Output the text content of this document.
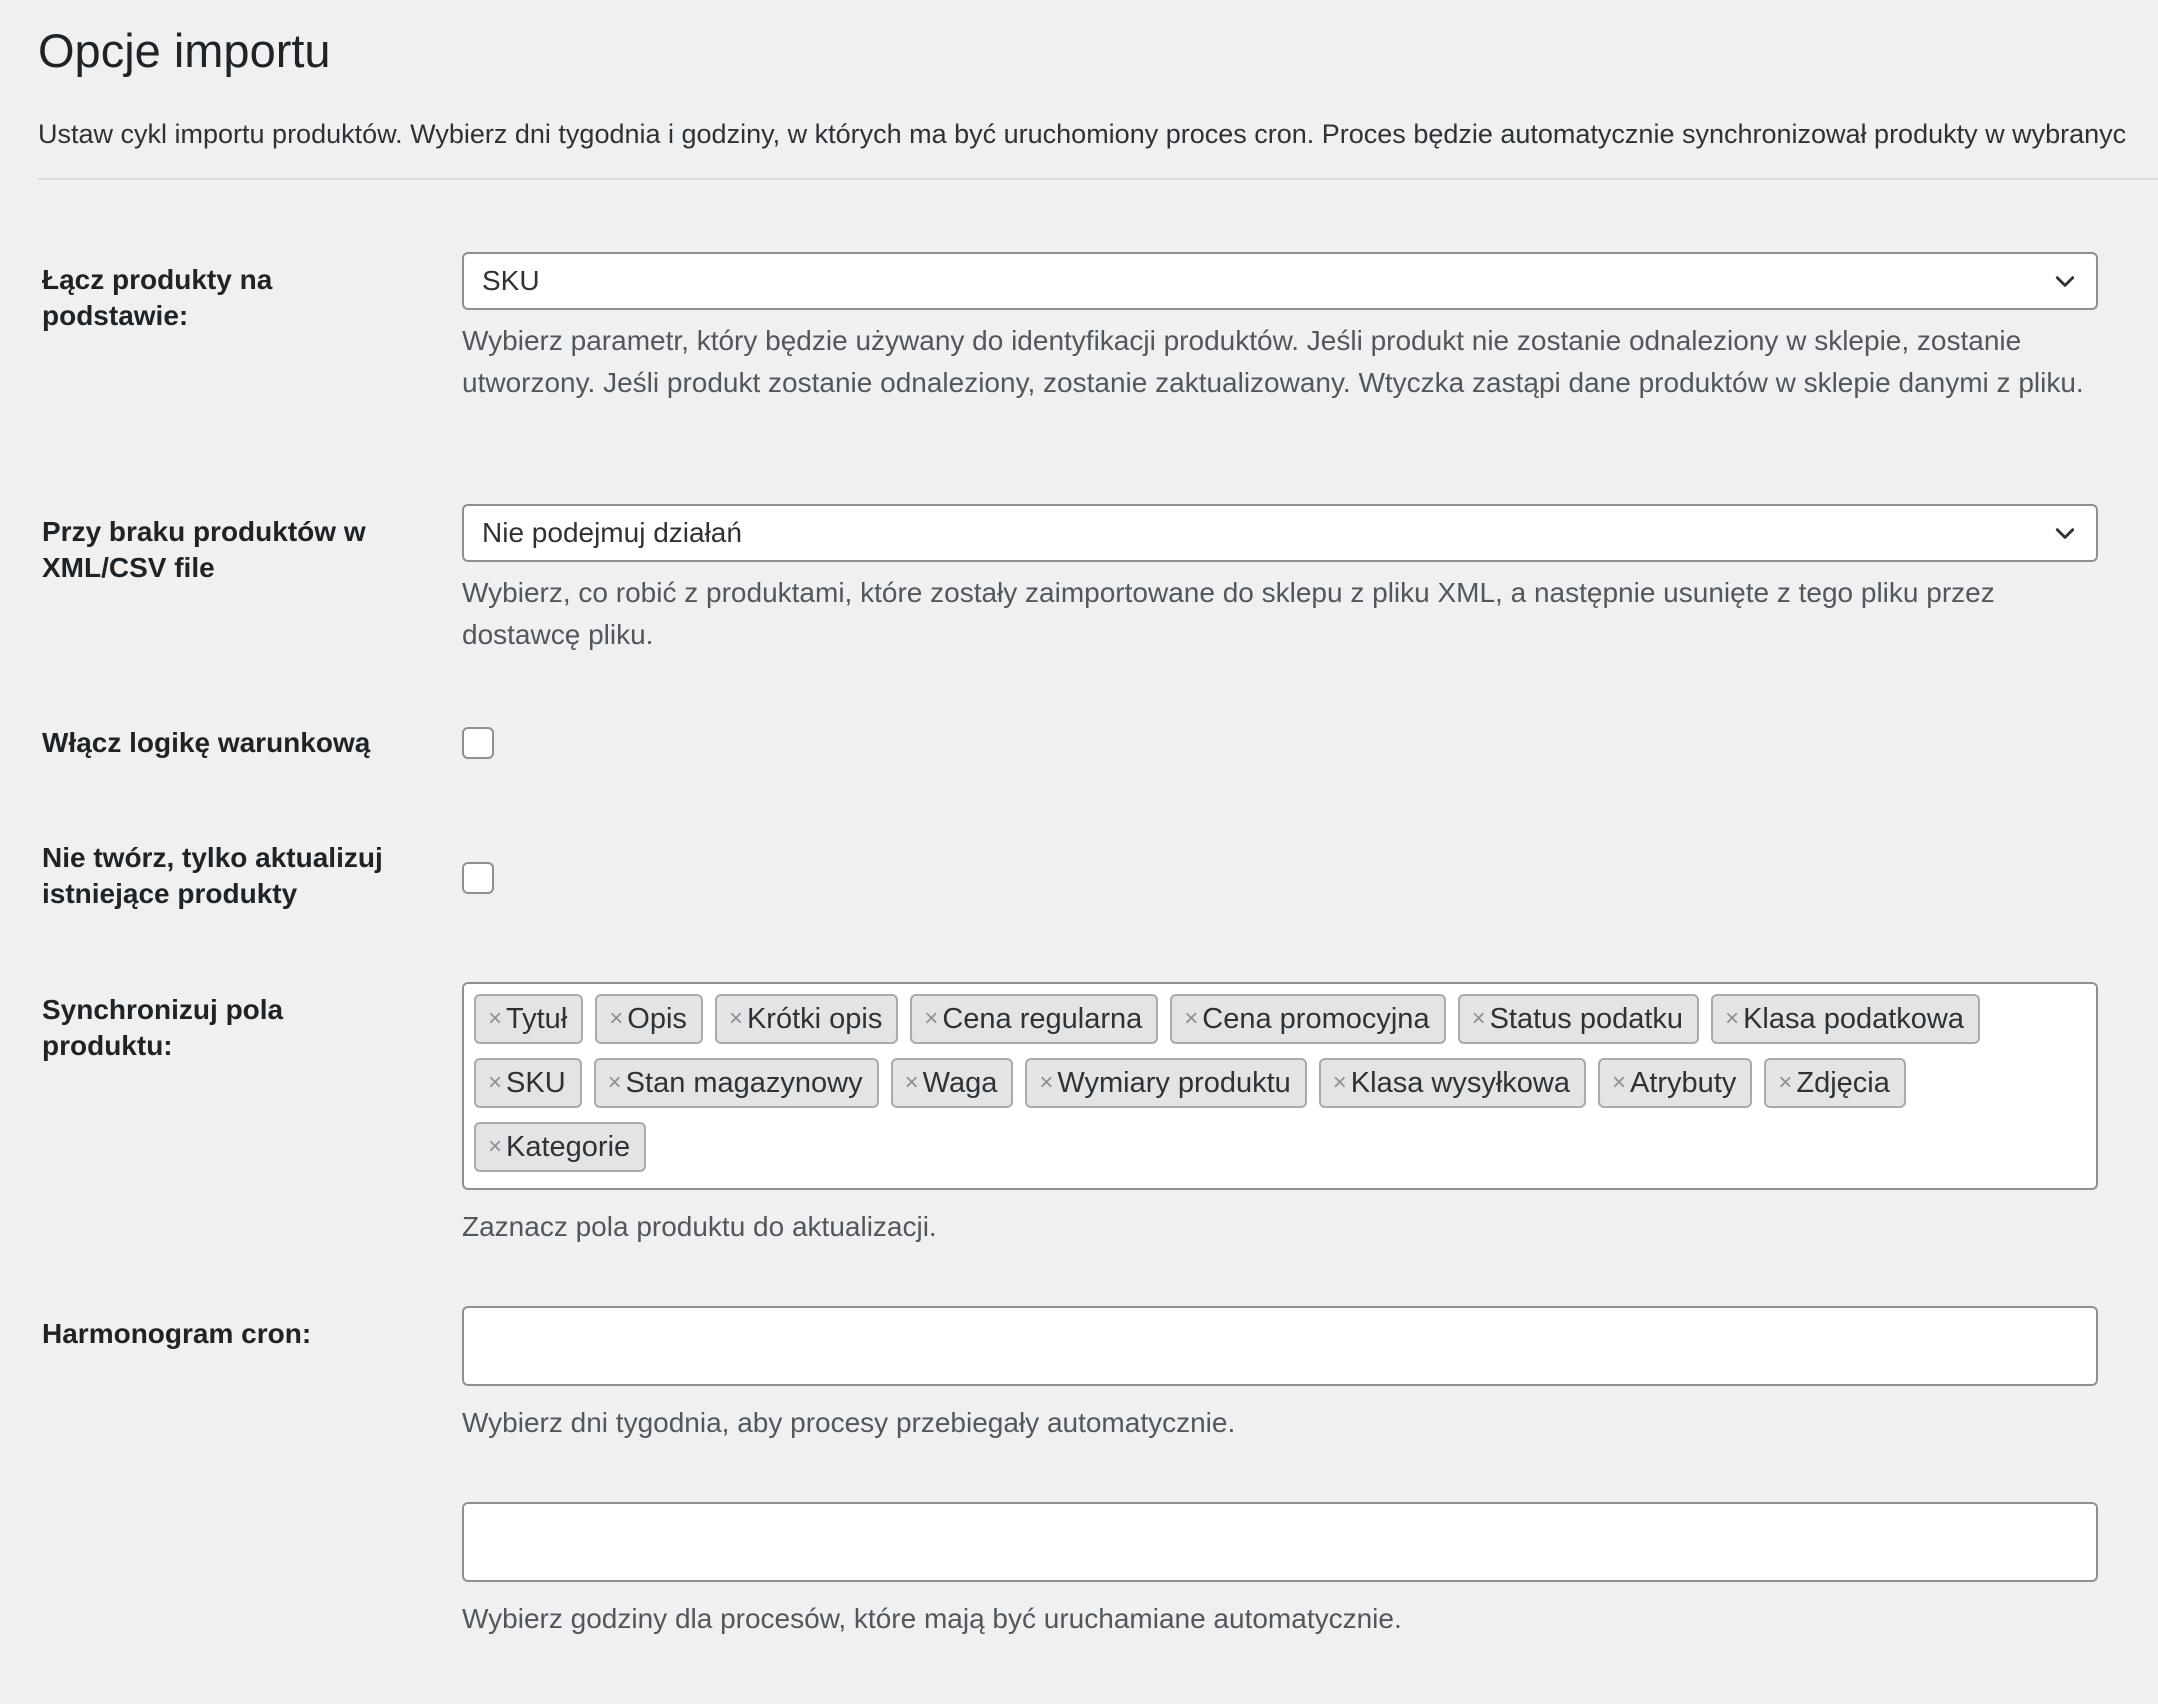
Opcje importu
Ustaw cykl importu produktów. Wybierz dni tygodnia i godziny, w których ma być uruchomiony proces cron. Proces będzie automatycznie synchronizował produkty w wybranyc
Łącz produkty na podstawie:
SKU
Wybierz parametr, który będzie używany do identyfikacji produktów. Jeśli produkt nie zostanie odnaleziony w sklepie, zostanie utworzony. Jeśli produkt zostanie odnaleziony, zostanie zaktualizowany. Wtyczka zastąpi dane produktów w sklepie danymi z pliku.
Przy braku produktów w XML/CSV file
Nie podejmuj działań
Wybierz, co robić z produktami, które zostały zaimportowane do sklepu z pliku XML, a następnie usunięte z tego pliku przez dostawcę pliku.
Włącz logikę warunkową
Nie twórz, tylko aktualizuj istniejące produkty
Synchronizuj pola produktu:
× Tytuł × Opis × Krótki opis × Cena regularna × Cena promocyjna × Status podatku × Klasa podatkowa
× SKU × Stan magazynowy × Waga × Wymiary produktu × Klasa wysyłkowa × Atrybuty × Zdjęcia
× Kategorie
Zaznacz pola produktu do aktualizacji.
Harmonogram cron:
Wybierz dni tygodnia, aby procesy przebiegały automatycznie.
Wybierz godziny dla procesów, które mają być uruchamiane automatycznie.
